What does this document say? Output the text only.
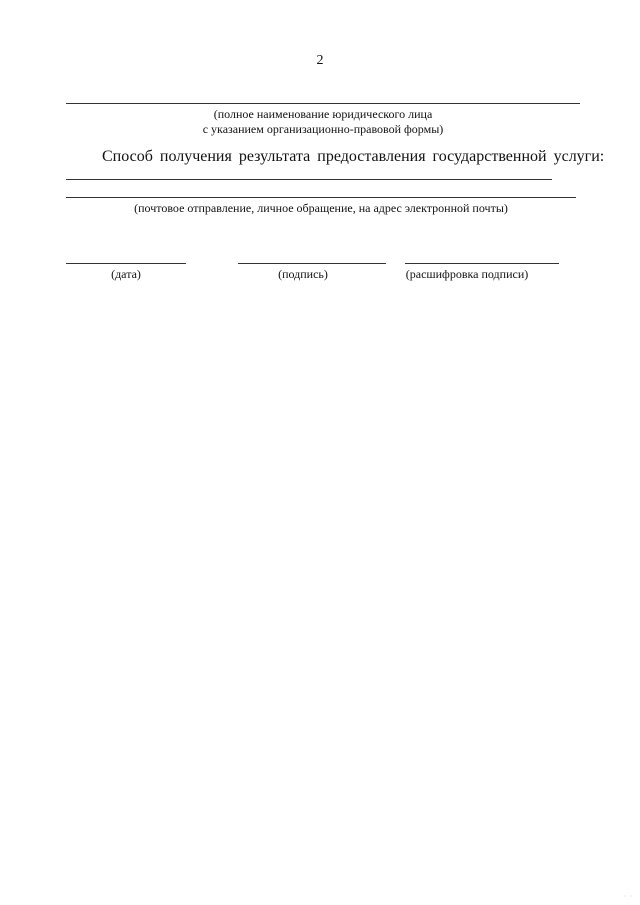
2
(полное наименование юридического лица
с указанием организационно-правовой формы)
Способ получения результата предоставления государственной услуги:
(почтовое отправление, личное обращение, на адрес электронной почты)
(дата)	(подпись)	(расшифровка подписи)
· ·
